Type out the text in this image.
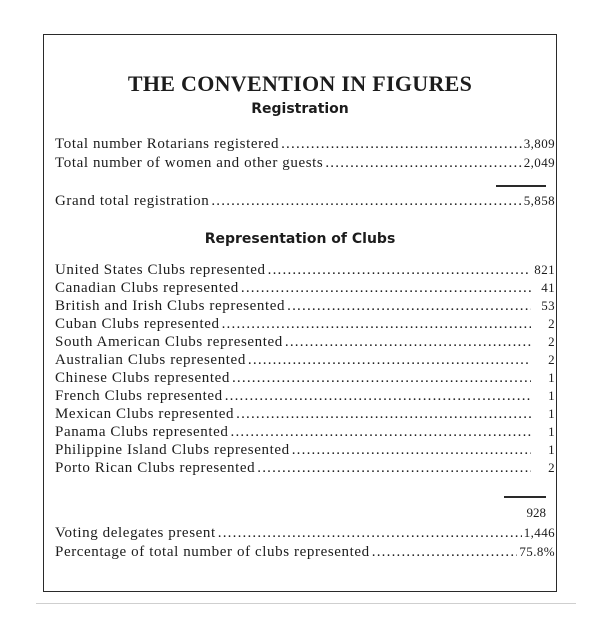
THE CONVENTION IN FIGURES
Registration
Total number Rotarians registered .....	3,809
Total number of women and other guests .....	2,049
Grand total registration .....	5,858
Representation of Clubs
United States Clubs represented .....	821
Canadian Clubs represented .....	41
British and Irish Clubs represented .....	53
Cuban Clubs represented .....	2
South American Clubs represented .....	2
Australian Clubs represented .....	2
Chinese Clubs represented .....	1
French Clubs represented .....	1
Mexican Clubs represented .....	1
Panama Clubs represented .....	1
Philippine Island Clubs represented .....	1
Porto Rican Clubs represented .....	2
928
Voting delegates present .....	1,446
Percentage of total number of clubs represented .....	75.8%
